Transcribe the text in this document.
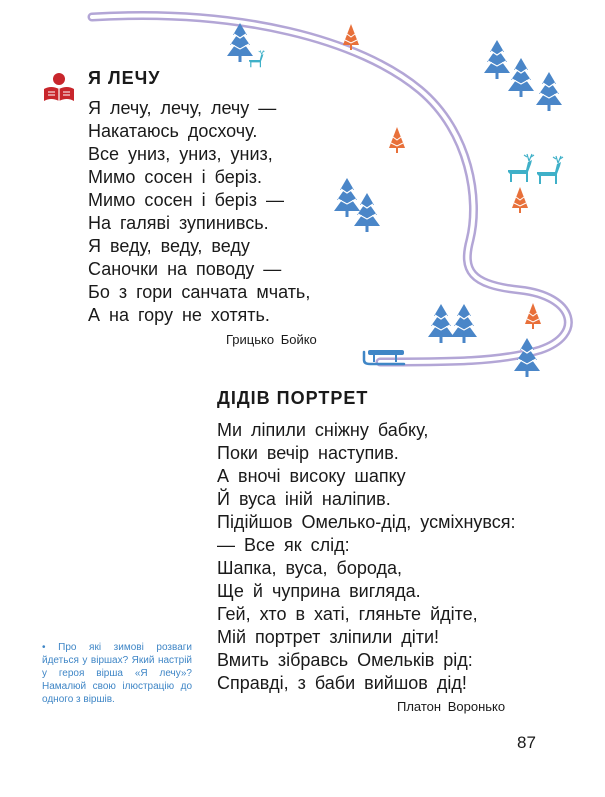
Я ЛЕЧУ
Я лечу, лечу, лечу —
Накатаюсь досхочу.
Все униз, униз, униз,
Мимо сосен і беріз.
Мимо сосен і беріз —
На галяві зупинивсь.
Я веду, веду, веду
Саночки на поводу —
Бо з гори санчата мчать,
А на гору не хотять.
Грицько Бойко
ДІДІВ ПОРТРЕТ
Ми ліпили сніжну бабку,
Поки вечір наступив.
А вночі високу шапку
Й вуса іній наліпив.
Підійшов Омелько-дід, усміхнувся:
— Все як слід:
Шапка, вуса, борода,
Ще й чуприна вигляда.
Гей, хто в хаті, гляньте йдіте,
Мій портрет зліпили діти!
Вмить зібравсь Омельків рід:
Справді, з баби вийшов дід!
Платон Воронько
• Про які зимові розваги йдеться у віршах? Який настрій у героя вірша «Я лечу»? Намалюй свою ілюстрацію до одного з віршів.
87
